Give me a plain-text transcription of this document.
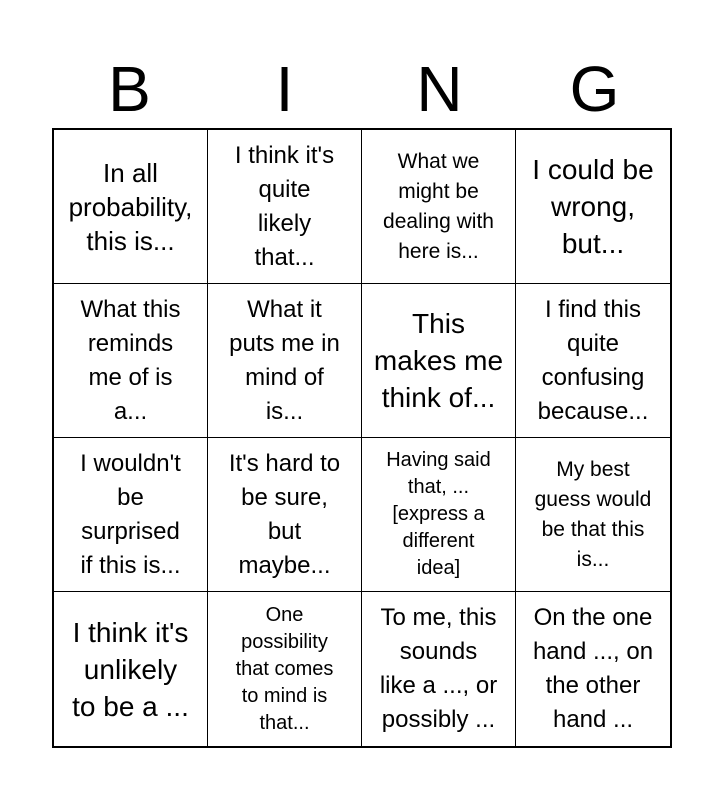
B	I	N	G
In all
probability,
this is...
I think it's
quite
likely
that...
What we
might be
dealing with
here is...
I could be
wrong,
but...
What this
reminds
me of is
a...
What it
puts me in
mind of
is...
This
makes me
think of...
I find this
quite
confusing
because...
I wouldn't
be
surprised
if this is...
It's hard to
be sure,
but
maybe...
Having said
that, ...
[express a
different
idea]
My best
guess would
be that this
is...
I think it's
unlikely
to be a ...
One
possibility
that comes
to mind is
that...
To me, this
sounds
like a ..., or
possibly ...
On the one
hand ..., on
the other
hand ...
